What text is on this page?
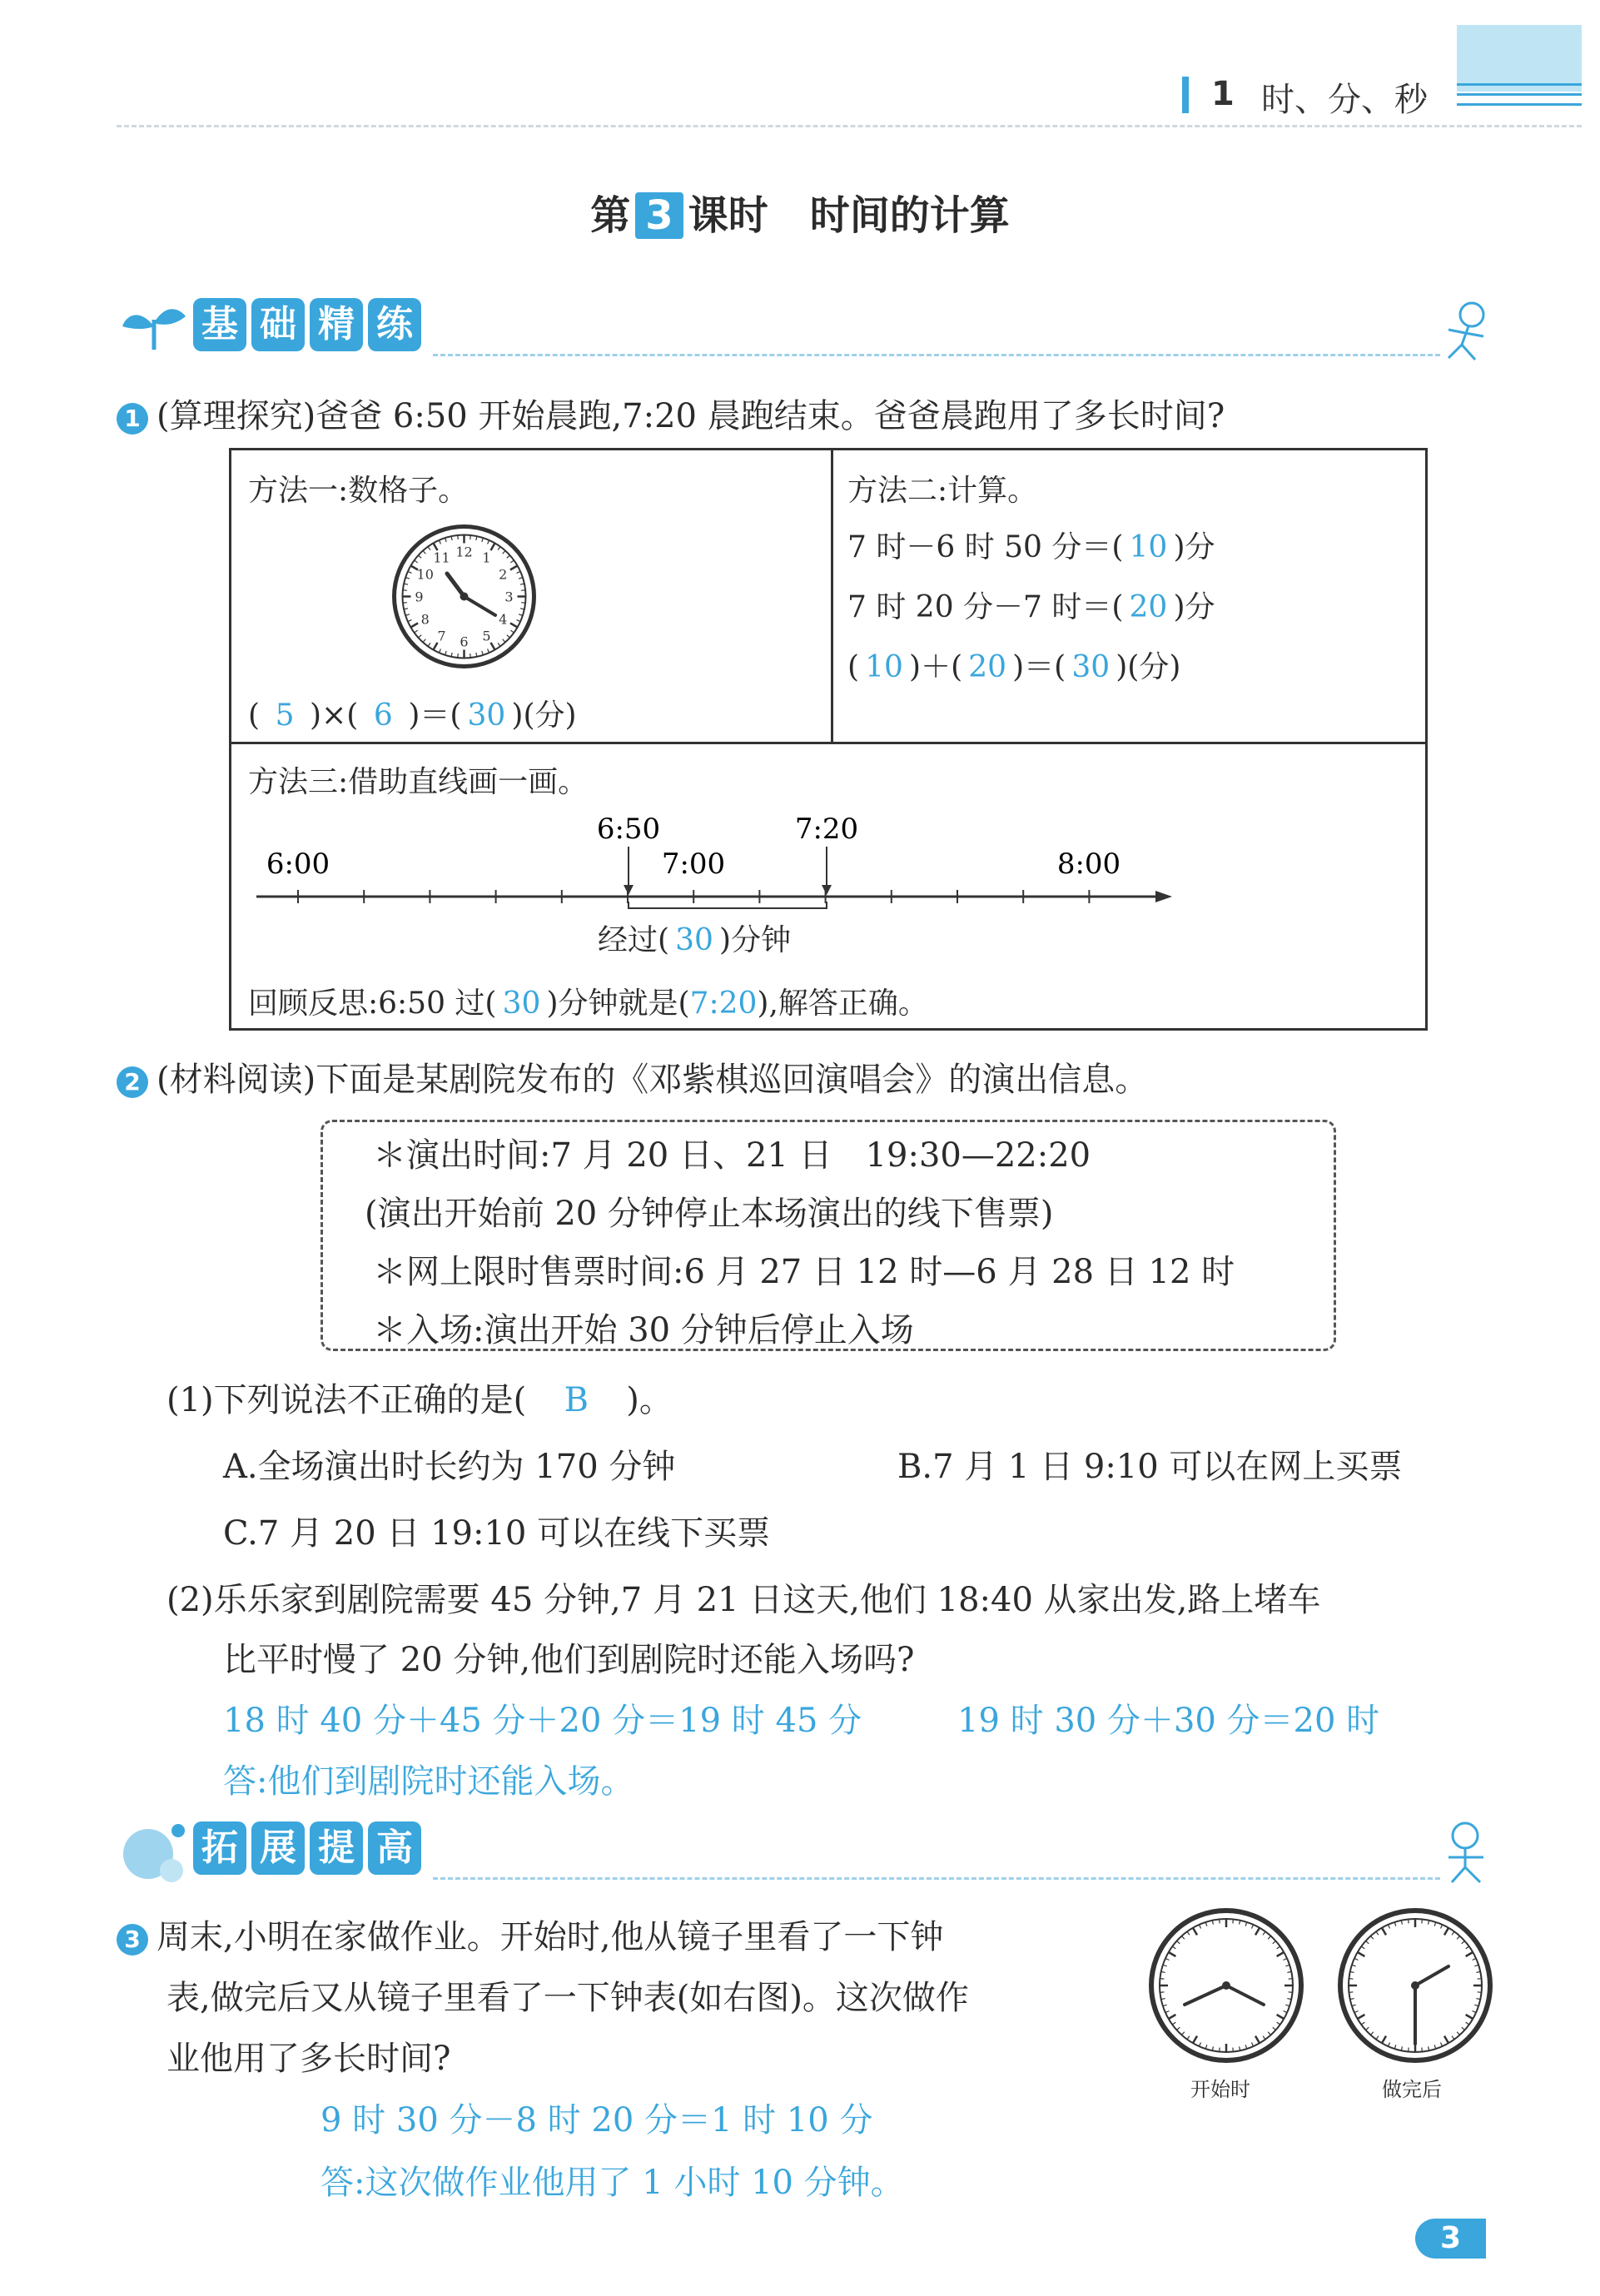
1 时、分、秒
第 3 课时 时间的计算
基 础 精 练
1 (算理探究)爸爸 6:50 开始晨跑,7:20 晨跑结束。爸爸晨跑用了多长时间?
方法一:数格子。
12 1
2
3
4
5
6
7
8
9
10
11
( 5 )×( 6 )＝( 30 )(分)
方法二:计算。
7 时－6 时 50 分＝( 10 )分
7 时 20 分－7 时＝( 20 )分
( 10 )＋( 20 )＝( 30 )(分)
方法三:借助直线画一画。
6:00
6:50
7:00
7:20
8:00
经过( 30 )分钟
回顾反思:6:50 过( 30 )分钟就是(7:20),解答正确。
2 (材料阅读)下面是某剧院发布的《邓紫棋巡回演唱会》的演出信息。
＊演出时间:7 月 20 日、21 日　19:30—22:20
(演出开始前 20 分钟停止本场演出的线下售票)
＊网上限时售票时间:6 月 27 日 12 时—6 月 28 日 12 时
＊入场:演出开始 30 分钟后停止入场
(1)下列说法不正确的是( B )。
A.全场演出时长约为 170 分钟	B.7 月 1 日 9:10 可以在网上买票
C.7 月 20 日 19:10 可以在线下买票
(2)乐乐家到剧院需要 45 分钟,7 月 21 日这天,他们 18:40 从家出发,路上堵车
比平时慢了 20 分钟,他们到剧院时还能入场吗?
18 时 40 分＋45 分＋20 分＝19 时 45 分	19 时 30 分＋30 分＝20 时
答:他们到剧院时还能入场。
拓 展 提 高
3 周末,小明在家做作业。开始时,他从镜子里看了一下钟
表,做完后又从镜子里看了一下钟表(如右图)。这次做作
业他用了多长时间?
开始时	做完后
9 时 30 分－8 时 20 分＝1 时 10 分
答:这次做作业他用了 1 小时 10 分钟。
3
